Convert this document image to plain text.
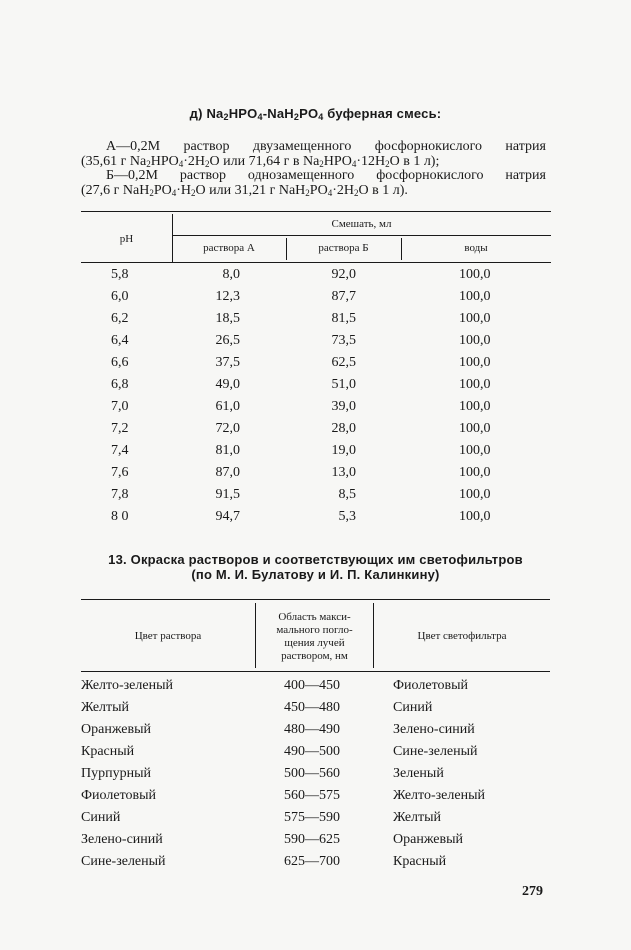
д) $Na_2HPO_4-NaH_2PO_4$ буферная смесь:
А—0,2М раствор двузамещенного фосфорнокислого натрия
(35,61 г $Na_2HPO_4\cdot 2H_2O$ или 71,64 г в $Na_2HPO_4\cdot 12H_2O$ в 1 л);
Б—0,2М раствор однозамещенного фосфорнокислого натрия
(27,6 г $NaH_2PO_4\cdot H_2O$ или 31,21 г $NaH_2PO_4\cdot 2H_2O$ в 1 л).
pH
Смешать, мл
раствора А	раствора Б	воды
5,8	8,0	92,0	100,0
6,0	12,3	87,7	100,0
6,2	18,5	81,5	100,0
6,4	26,5	73,5	100,0
6,6	37,5	62,5	100,0
6,8	49,0	51,0	100,0
7,0	61,0	39,0	100,0
7,2	72,0	28,0	100,0
7,4	81,0	19,0	100,0
7,6	87,0	13,0	100,0
7,8	91,5	8,5	100,0
8 0	94,7	5,3	100,0
13. Окраска растворов и соответствующих им светофильтров
(по М. И. Булатову и И. П. Калинкину)
Цвет раствора
Область макси-
мального погло-
щения лучей
раствором, нм
Цвет светофильтра
Желто-зеленый	400—450	Фиолетовый
Желтый	450—480	Синий
Оранжевый	480—490	Зелено-синий
Красный	490—500	Сине-зеленый
Пурпурный	500—560	Зеленый
Фиолетовый	560—575	Желто-зеленый
Синий	575—590	Желтый
Зелено-синий	590—625	Оранжевый
Сине-зеленый	625—700	Красный
279
